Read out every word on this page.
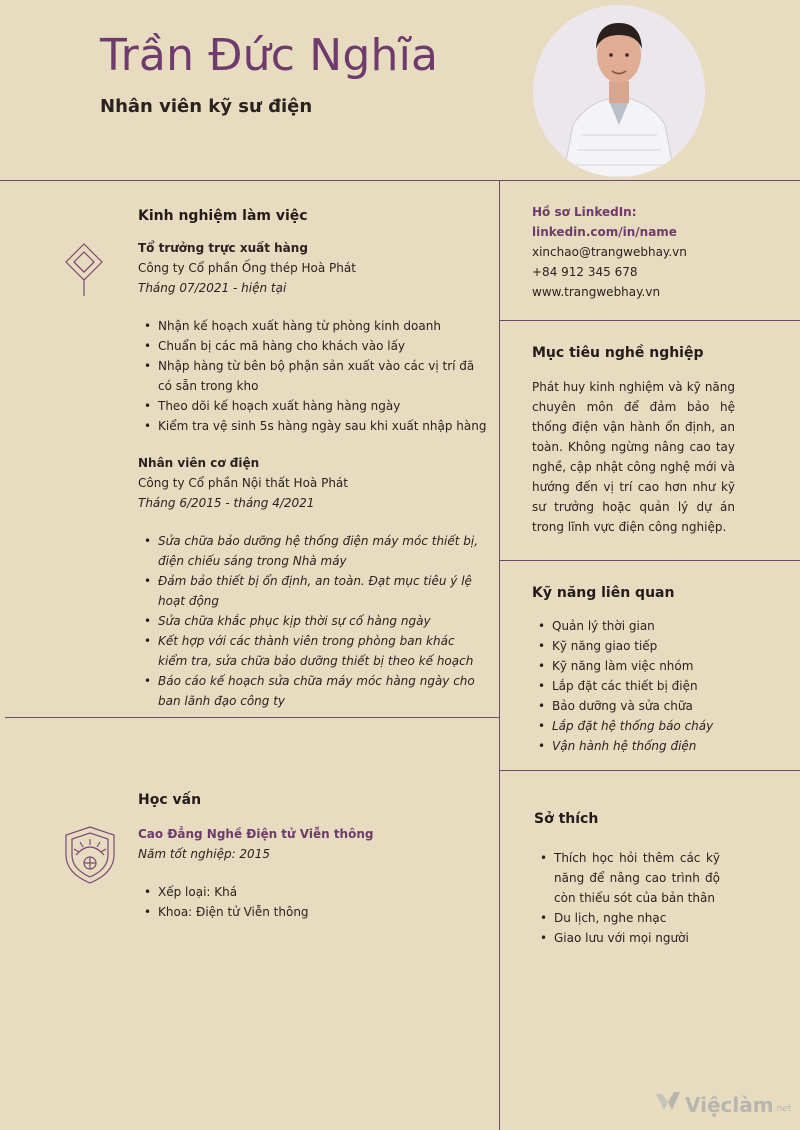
Trần Đức Nghĩa
Nhân viên kỹ sư điện
Kinh nghiệm làm việc
Tổ trưởng trực xuất hàng
Công ty Cổ phần Ống thép Hoà Phát
Tháng 07/2021 - hiện tại
• Nhận kế hoạch xuất hàng từ phòng kinh doanh
• Chuẩn bị các mã hàng cho khách vào lấy
• Nhập hàng từ bên bộ phận sản xuất vào các vị trí đã có sẵn trong kho
• Theo dõi kế hoạch xuất hàng hàng ngày
• Kiểm tra vệ sinh 5s hàng ngày sau khi xuất nhập hàng
Nhân viên cơ điện
Công ty Cổ phần Nội thất Hoà Phát
Tháng 6/2015 - tháng 4/2021
• Sửa chữa bảo dưỡng hệ thống điện máy móc thiết bị, điện chiếu sáng trong Nhà máy
• Đảm bảo thiết bị ổn định, an toàn. Đạt mục tiêu ý lệ hoạt động
• Sửa chữa khắc phục kịp thời sự cố hàng ngày
• Kết hợp với các thành viên trong phòng ban khác kiểm tra, sửa chữa bảo dưỡng thiết bị theo kế hoạch
• Báo cáo kế hoạch sửa chữa máy móc hàng ngày cho ban lãnh đạo công ty
Học vấn
Cao Đẳng Nghề Điện tử Viễn thông
Năm tốt nghiệp: 2015
• Xếp loại: Khá
• Khoa: Điện tử Viễn thông
Hồ sơ LinkedIn:
linkedin.com/in/name
xinchao@trangwebhay.vn
+84 912 345 678
www.trangwebhay.vn
Mục tiêu nghề nghiệp
Phát huy kinh nghiệm và kỹ năng chuyên môn để đảm bảo hệ thống điện vận hành ổn định, an toàn. Không ngừng nâng cao tay nghề, cập nhật công nghệ mới và hướng đến vị trí cao hơn như kỹ sư trưởng hoặc quản lý dự án trong lĩnh vực điện công nghiệp.
Kỹ năng liên quan
• Quản lý thời gian
• Kỹ năng giao tiếp
• Kỹ năng làm việc nhóm
• Lắp đặt các thiết bị điện
• Bảo dưỡng và sửa chữa
• Lắp đặt hệ thống báo cháy
• Vận hành hệ thống điện
Sở thích
• Thích học hỏi thêm các kỹ năng để nâng cao trình độ còn thiếu sót của bản thân
• Du lịch, nghe nhạc
• Giao lưu với mọi người
Việclàm .net
